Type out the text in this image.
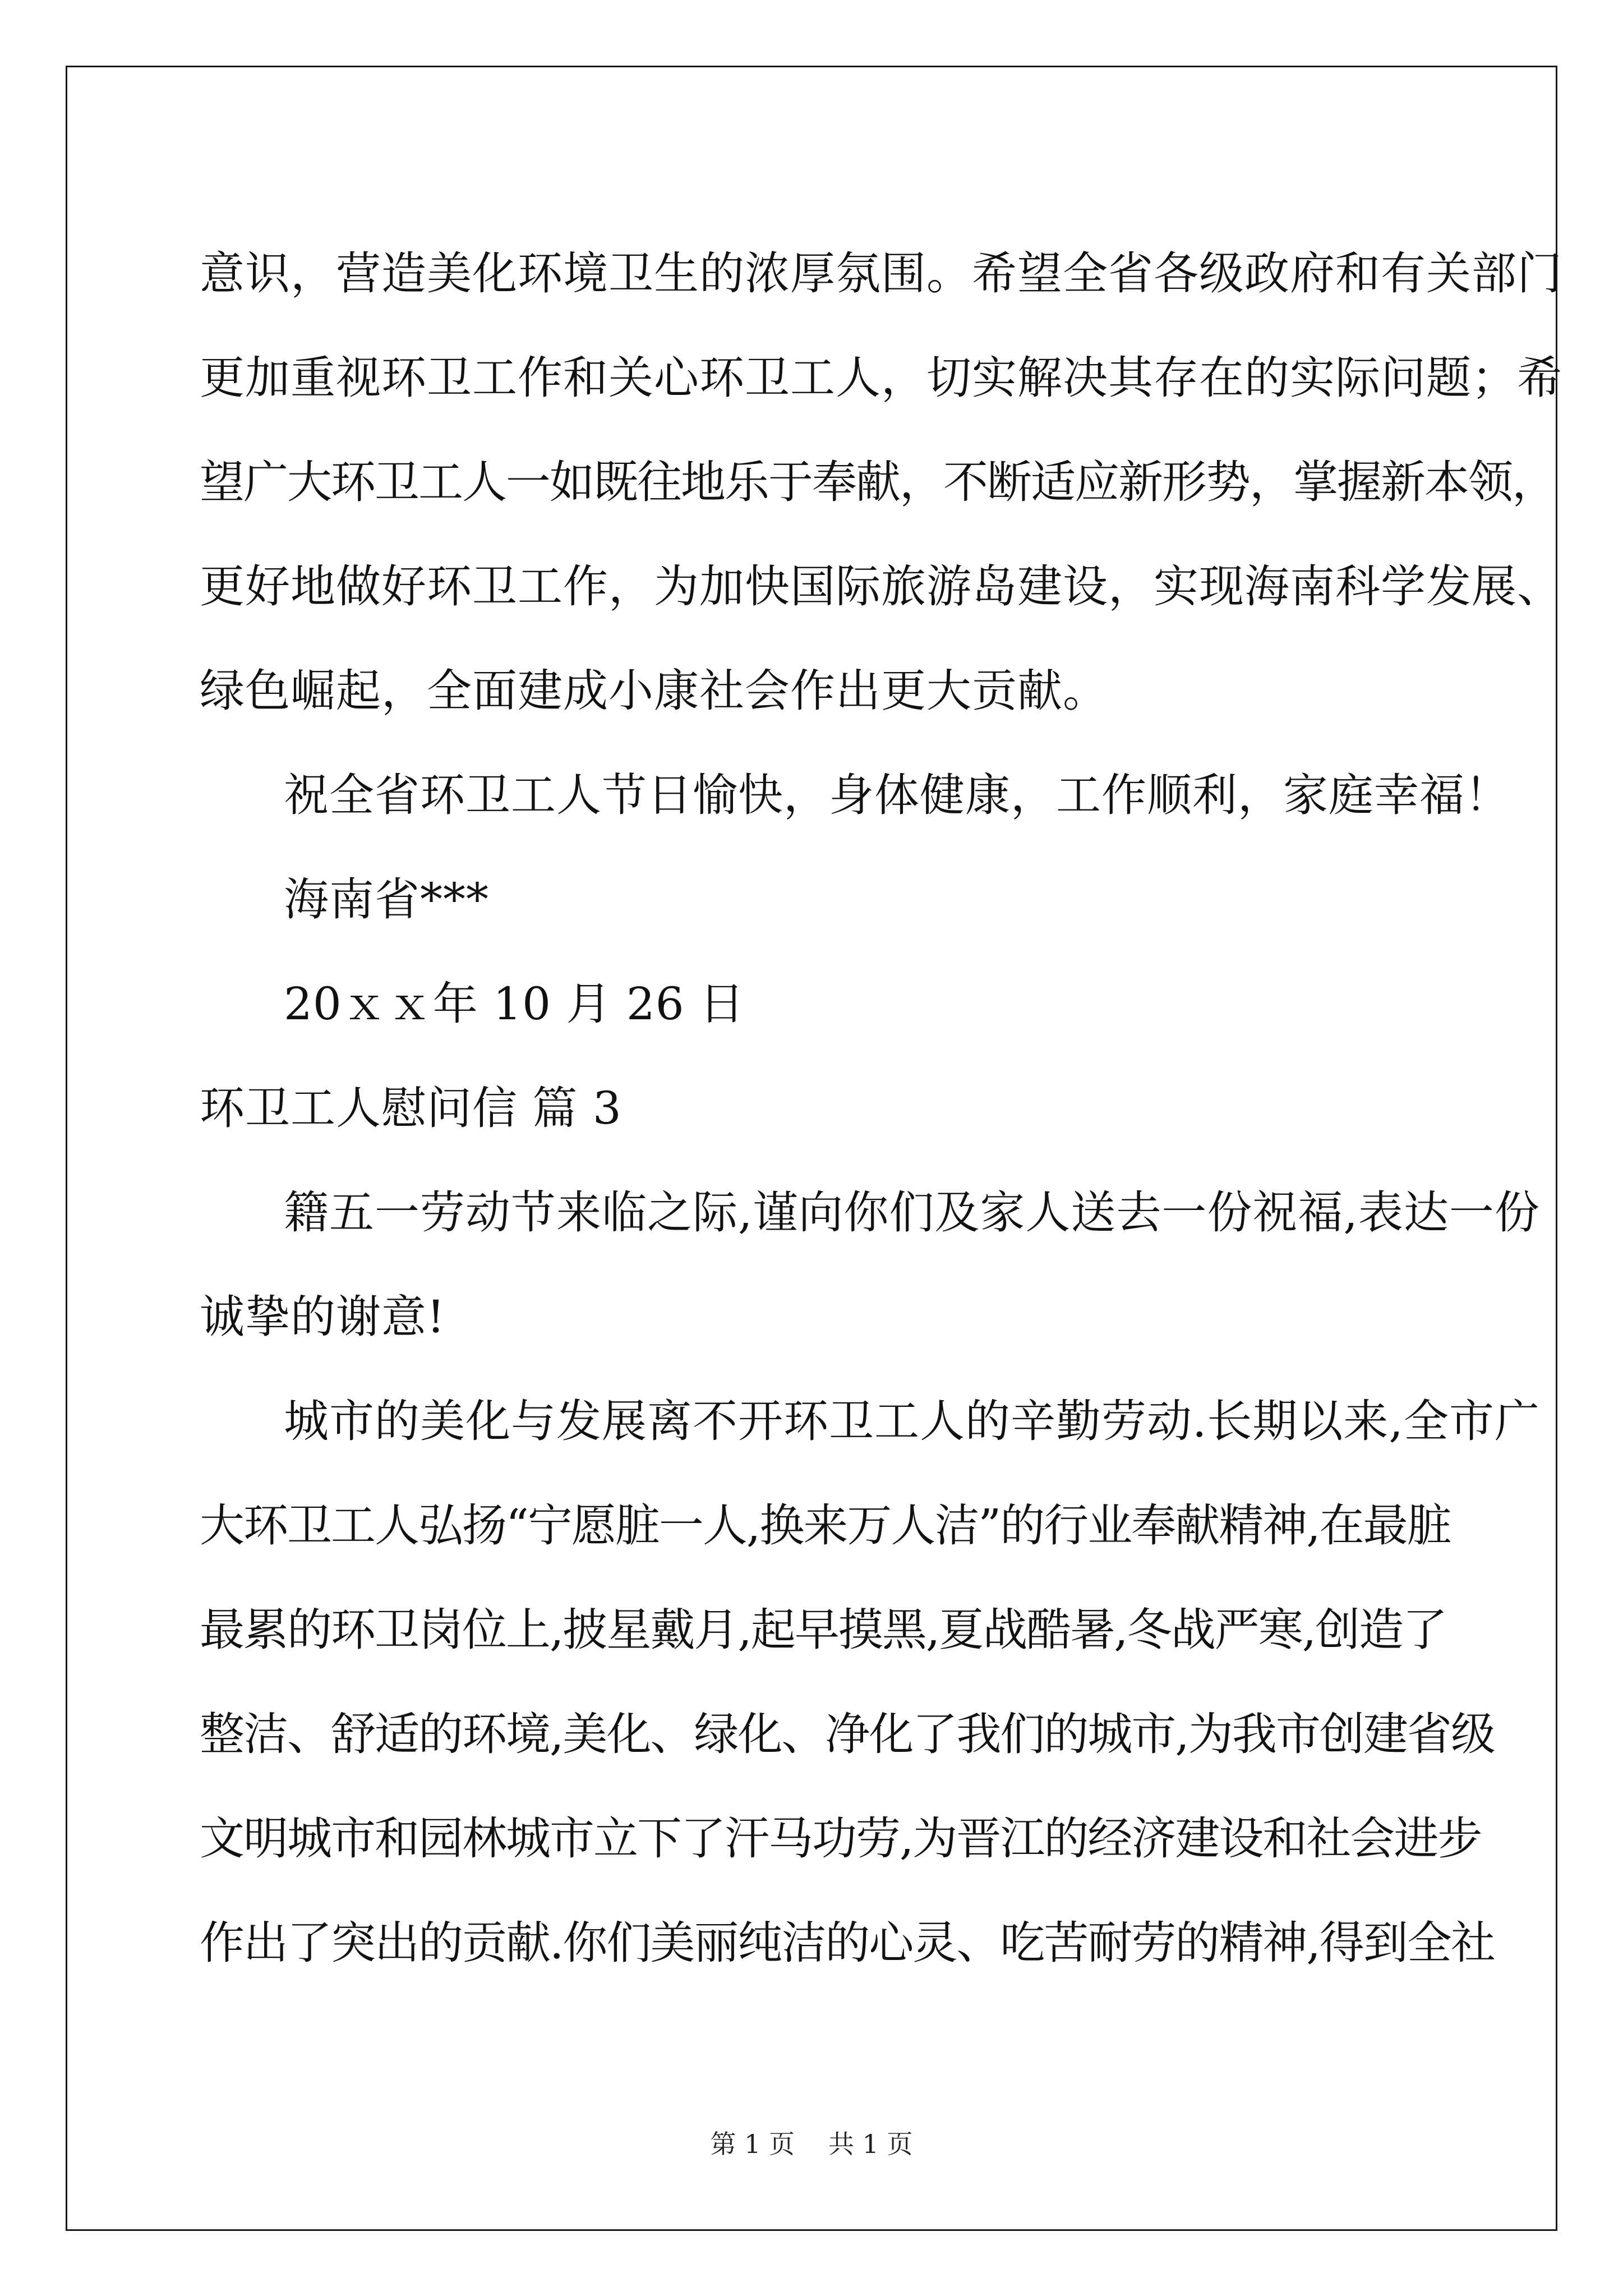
意识，营造美化环境卫生的浓厚氛围。希望全省各级政府和有关部门
更加重视环卫工作和关心环卫工人，切实解决其存在的实际问题；希
望广大环卫工人一如既往地乐于奉献，不断适应新形势，掌握新本领，
更好地做好环卫工作，为加快国际旅游岛建设，实现海南科学发展、
绿色崛起，全面建成小康社会作出更大贡献。
祝全省环卫工人节日愉快，身体健康，工作顺利，家庭幸福！
海南省***
20ｘｘ年 10 月 26 日
环卫工人慰问信 篇 3
籍五一劳动节来临之际,谨向你们及家人送去一份祝福,表达一份
诚挚的谢意!
城市的美化与发展离不开环卫工人的辛勤劳动.长期以来,全市广
大环卫工人弘扬“宁愿脏一人,换来万人洁”的行业奉献精神,在最脏
最累的环卫岗位上,披星戴月,起早摸黑,夏战酷暑,冬战严寒,创造了
整洁、舒适的环境,美化、绿化、净化了我们的城市,为我市创建省级
文明城市和园林城市立下了汗马功劳,为晋江的经济建设和社会进步
作出了突出的贡献.你们美丽纯洁的心灵、吃苦耐劳的精神,得到全社
第 1 页 共 1 页
